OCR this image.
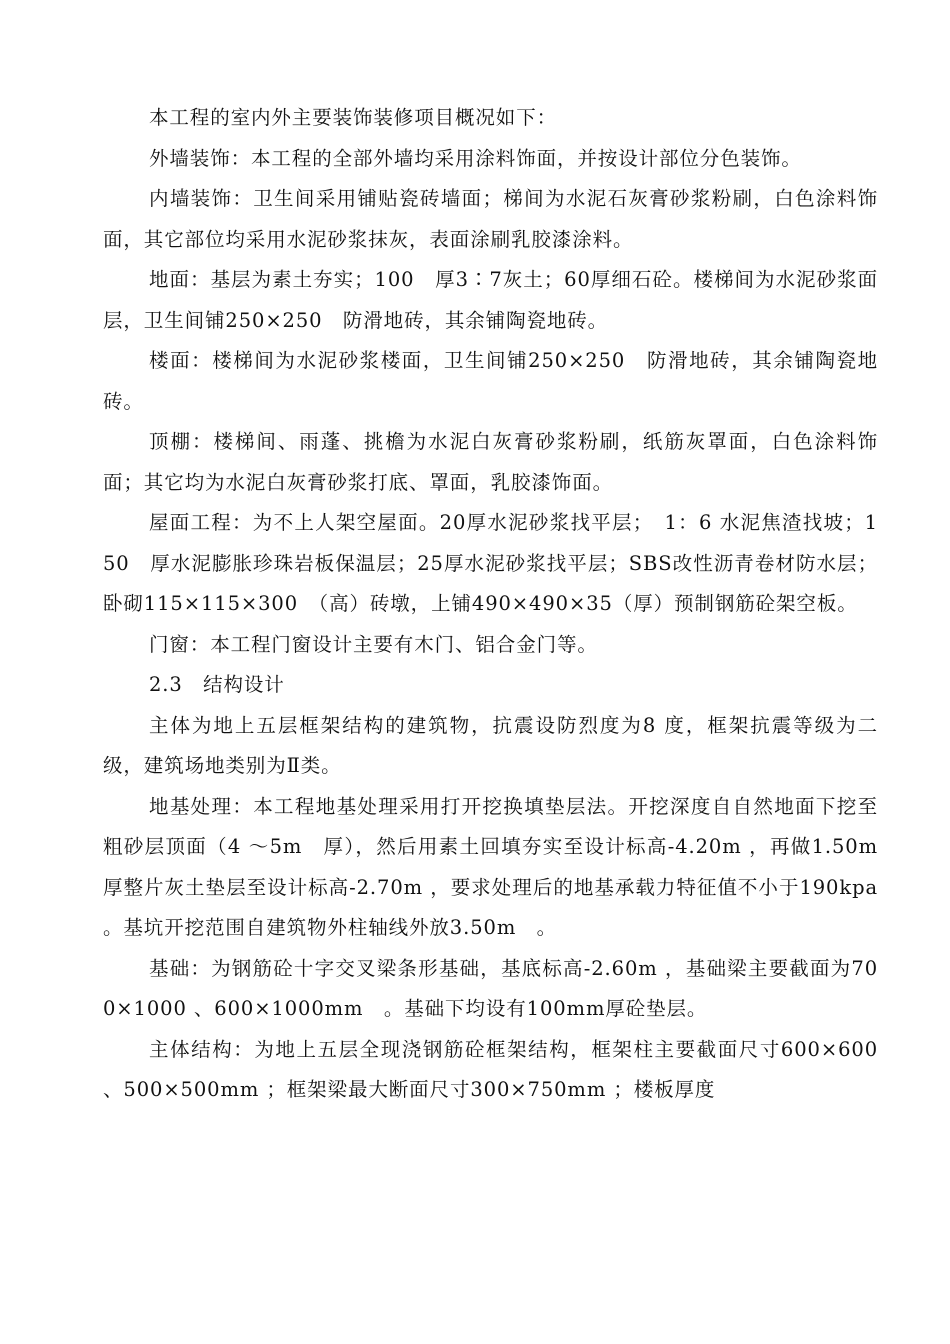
本工程的室内外主要装饰装修项目概况如下：

外墙装饰：本工程的全部外墙均采用涂料饰面，并按设计部位分色装饰。

内墙装饰：卫生间采用铺贴瓷砖墙面；梯间为水泥石灰膏砂浆粉刷，白色涂料饰面，其它部位均采用水泥砂浆抹灰，表面涂刷乳胶漆涂料。

地面：基层为素土夯实；100　厚3∶7灰土；60厚细石砼。楼梯间为水泥砂浆面层，卫生间铺250×250　防滑地砖，其余铺陶瓷地砖。

楼面：楼梯间为水泥砂浆楼面，卫生间铺250×250　防滑地砖，其余铺陶瓷地砖。

顶棚：楼梯间、雨蓬、挑檐为水泥白灰膏砂浆粉刷，纸筋灰罩面，白色涂料饰面；其它均为水泥白灰膏砂浆打底、罩面，乳胶漆饰面。

屋面工程：为不上人架空屋面。20厚水泥砂浆找平层；　1：6 水泥焦渣找坡；150　厚水泥膨胀珍珠岩板保温层；25厚水泥砂浆找平层；SBS改性沥青卷材防水层；卧砌115×115×300　（高）砖墩，上铺490×490×35（厚）预制钢筋砼架空板。

门窗：本工程门窗设计主要有木门、铝合金门等。

2.3　结构设计

主体为地上五层框架结构的建筑物，抗震设防烈度为8 度，框架抗震等级为二级，建筑场地类别为Ⅱ类。

地基处理：本工程地基处理采用打开挖换填垫层法。开挖深度自自然地面下挖至粗砂层顶面（4 ～5m　厚），然后用素土回填夯实至设计标高-4.20m ，再做1.50m　厚整片灰土垫层至设计标高-2.70m ，要求处理后的地基承载力特征值不小于190kpa 。基坑开挖范围自建筑物外柱轴线外放3.50m　。

基础：为钢筋砼十字交叉梁条形基础，基底标高-2.60m ，基础梁主要截面为700×1000 、600×1000mm　。基础下均设有100mm厚砼垫层。

主体结构：为地上五层全现浇钢筋砼框架结构，框架柱主要截面尺寸600×600　、500×500mm ；框架梁最大断面尺寸300×750mm ；楼板厚度
